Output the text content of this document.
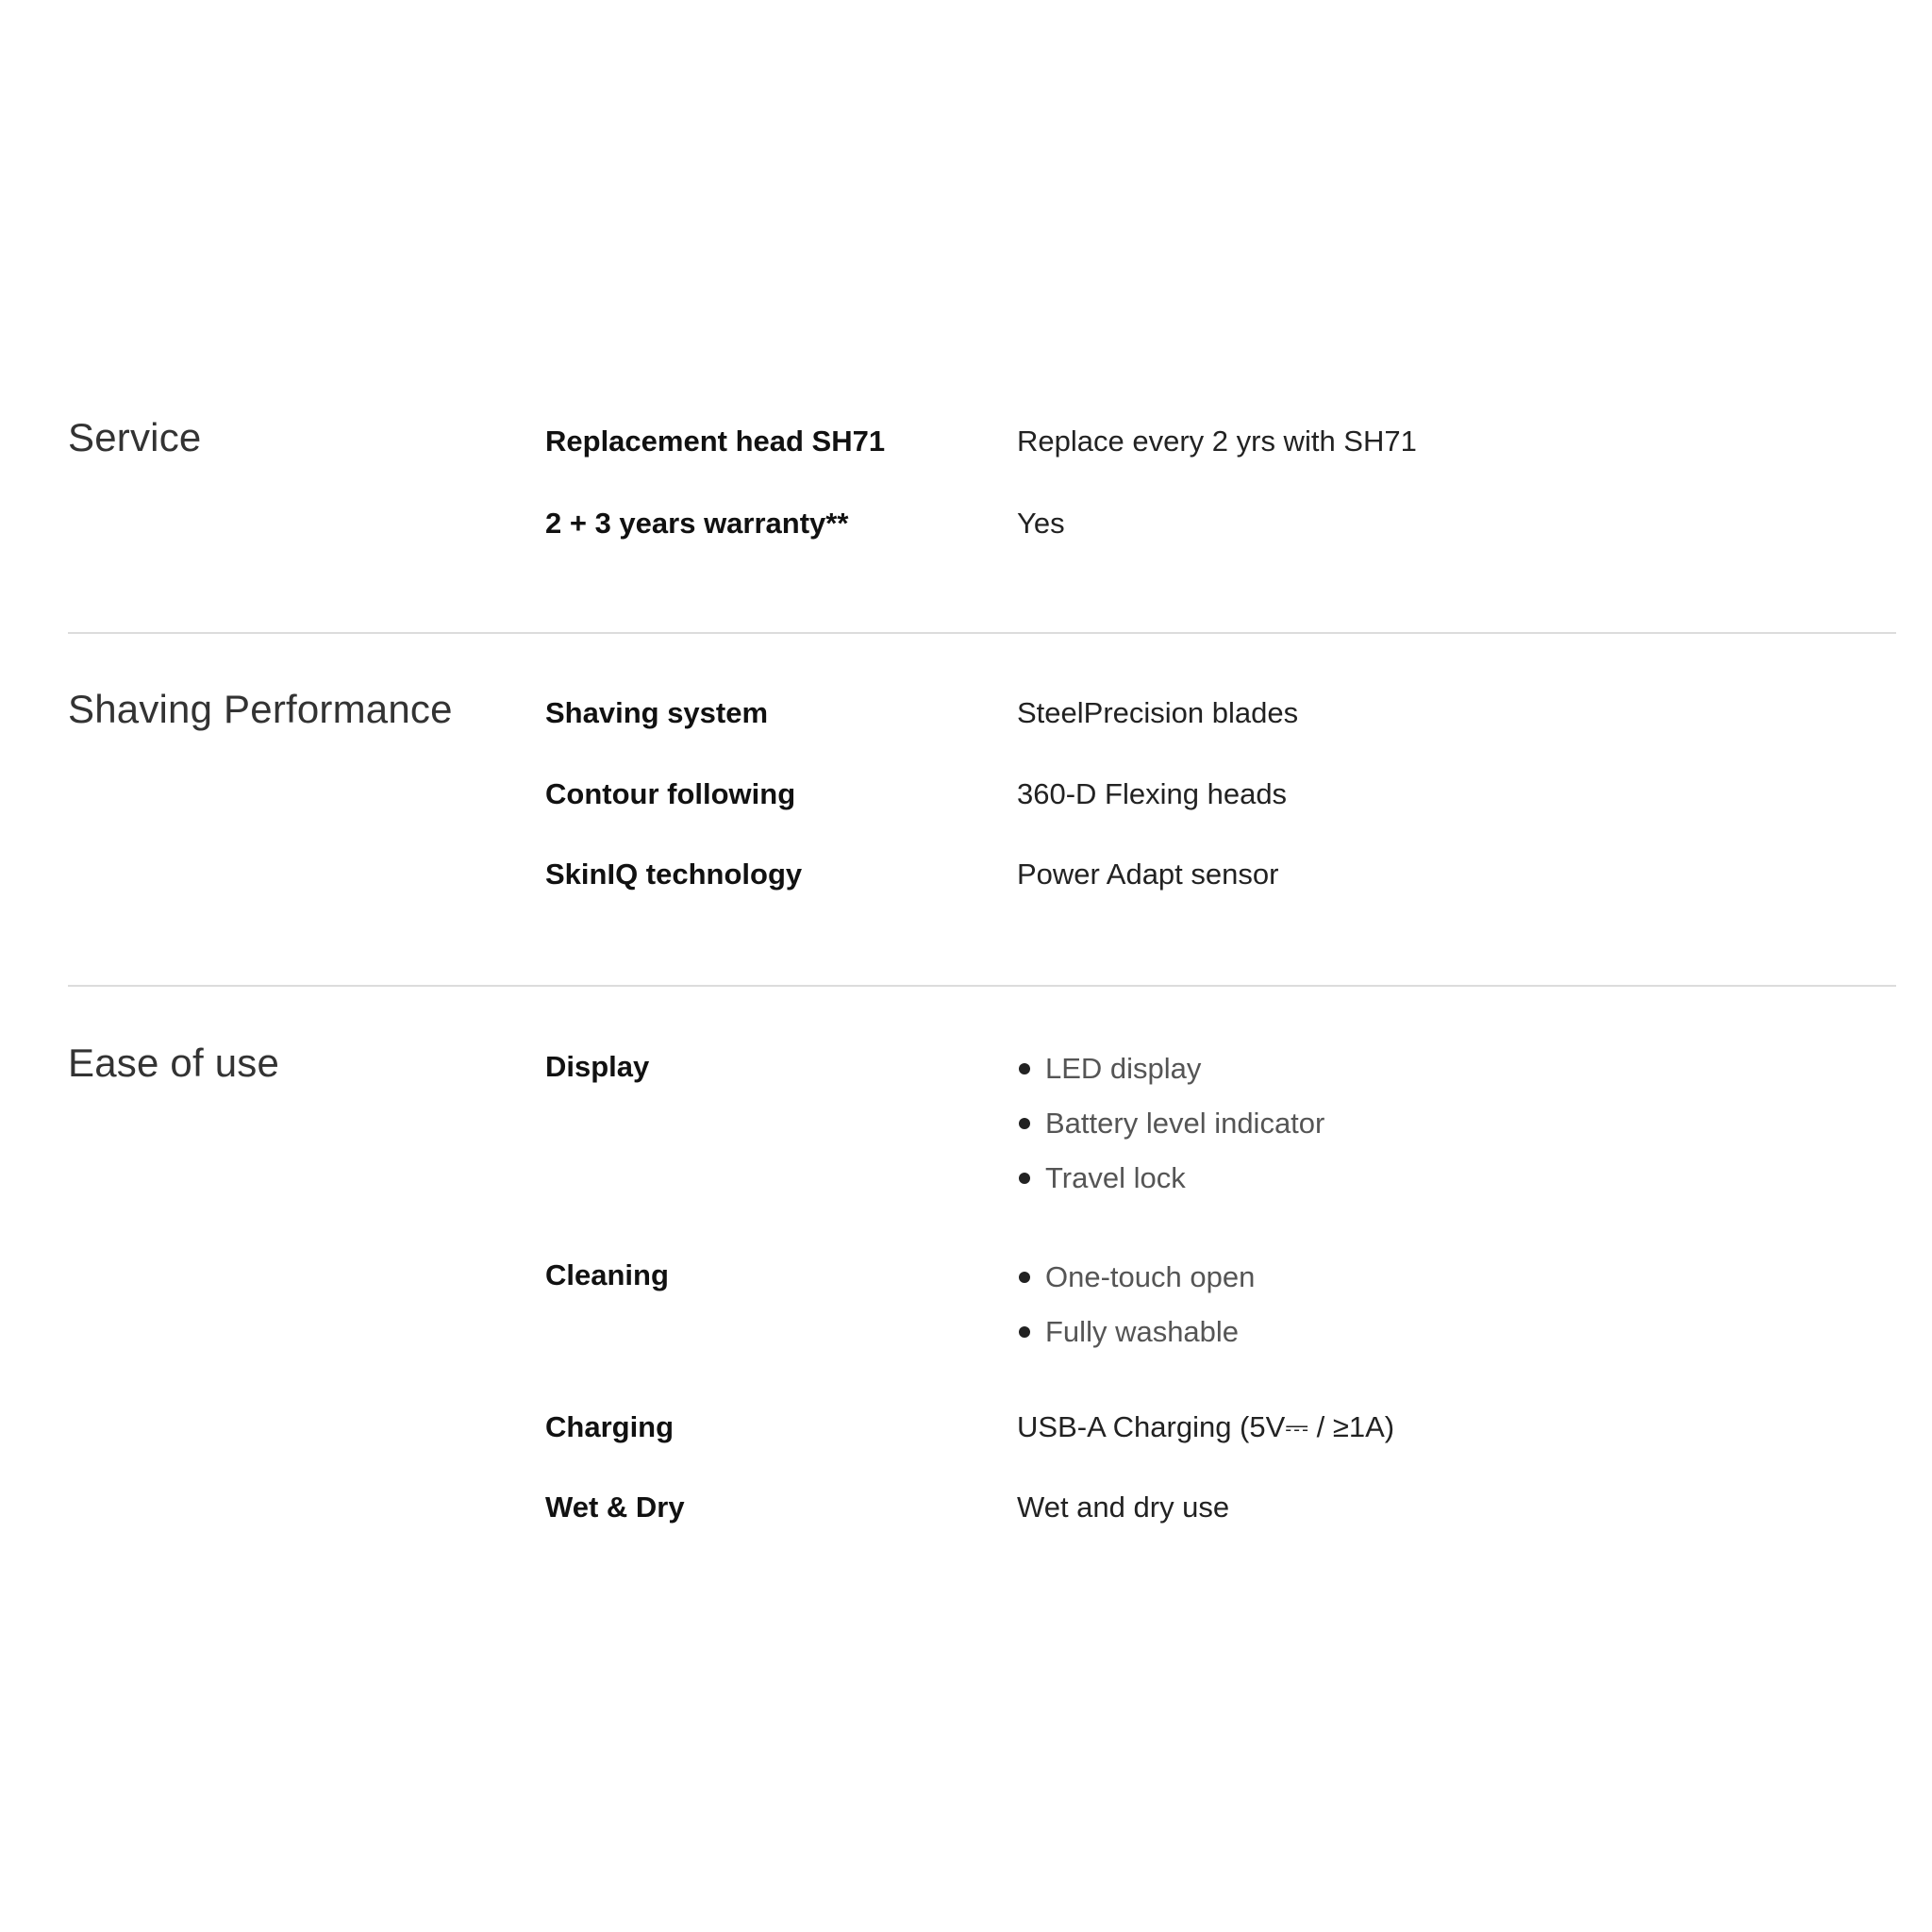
Service	Replacement head SH71	Replace every 2 yrs with SH71
2 + 3 years warranty**	Yes
Shaving Performance	Shaving system	SteelPrecision blades
Contour following	360-D Flexing heads
SkinIQ technology	Power Adapt sensor
Ease of use	Display	LED display
Battery level indicator
Travel lock
Cleaning	One-touch open
Fully washable
Charging	USB-A Charging (5V⎓ / ≥1A)
Wet & Dry	Wet and dry use
